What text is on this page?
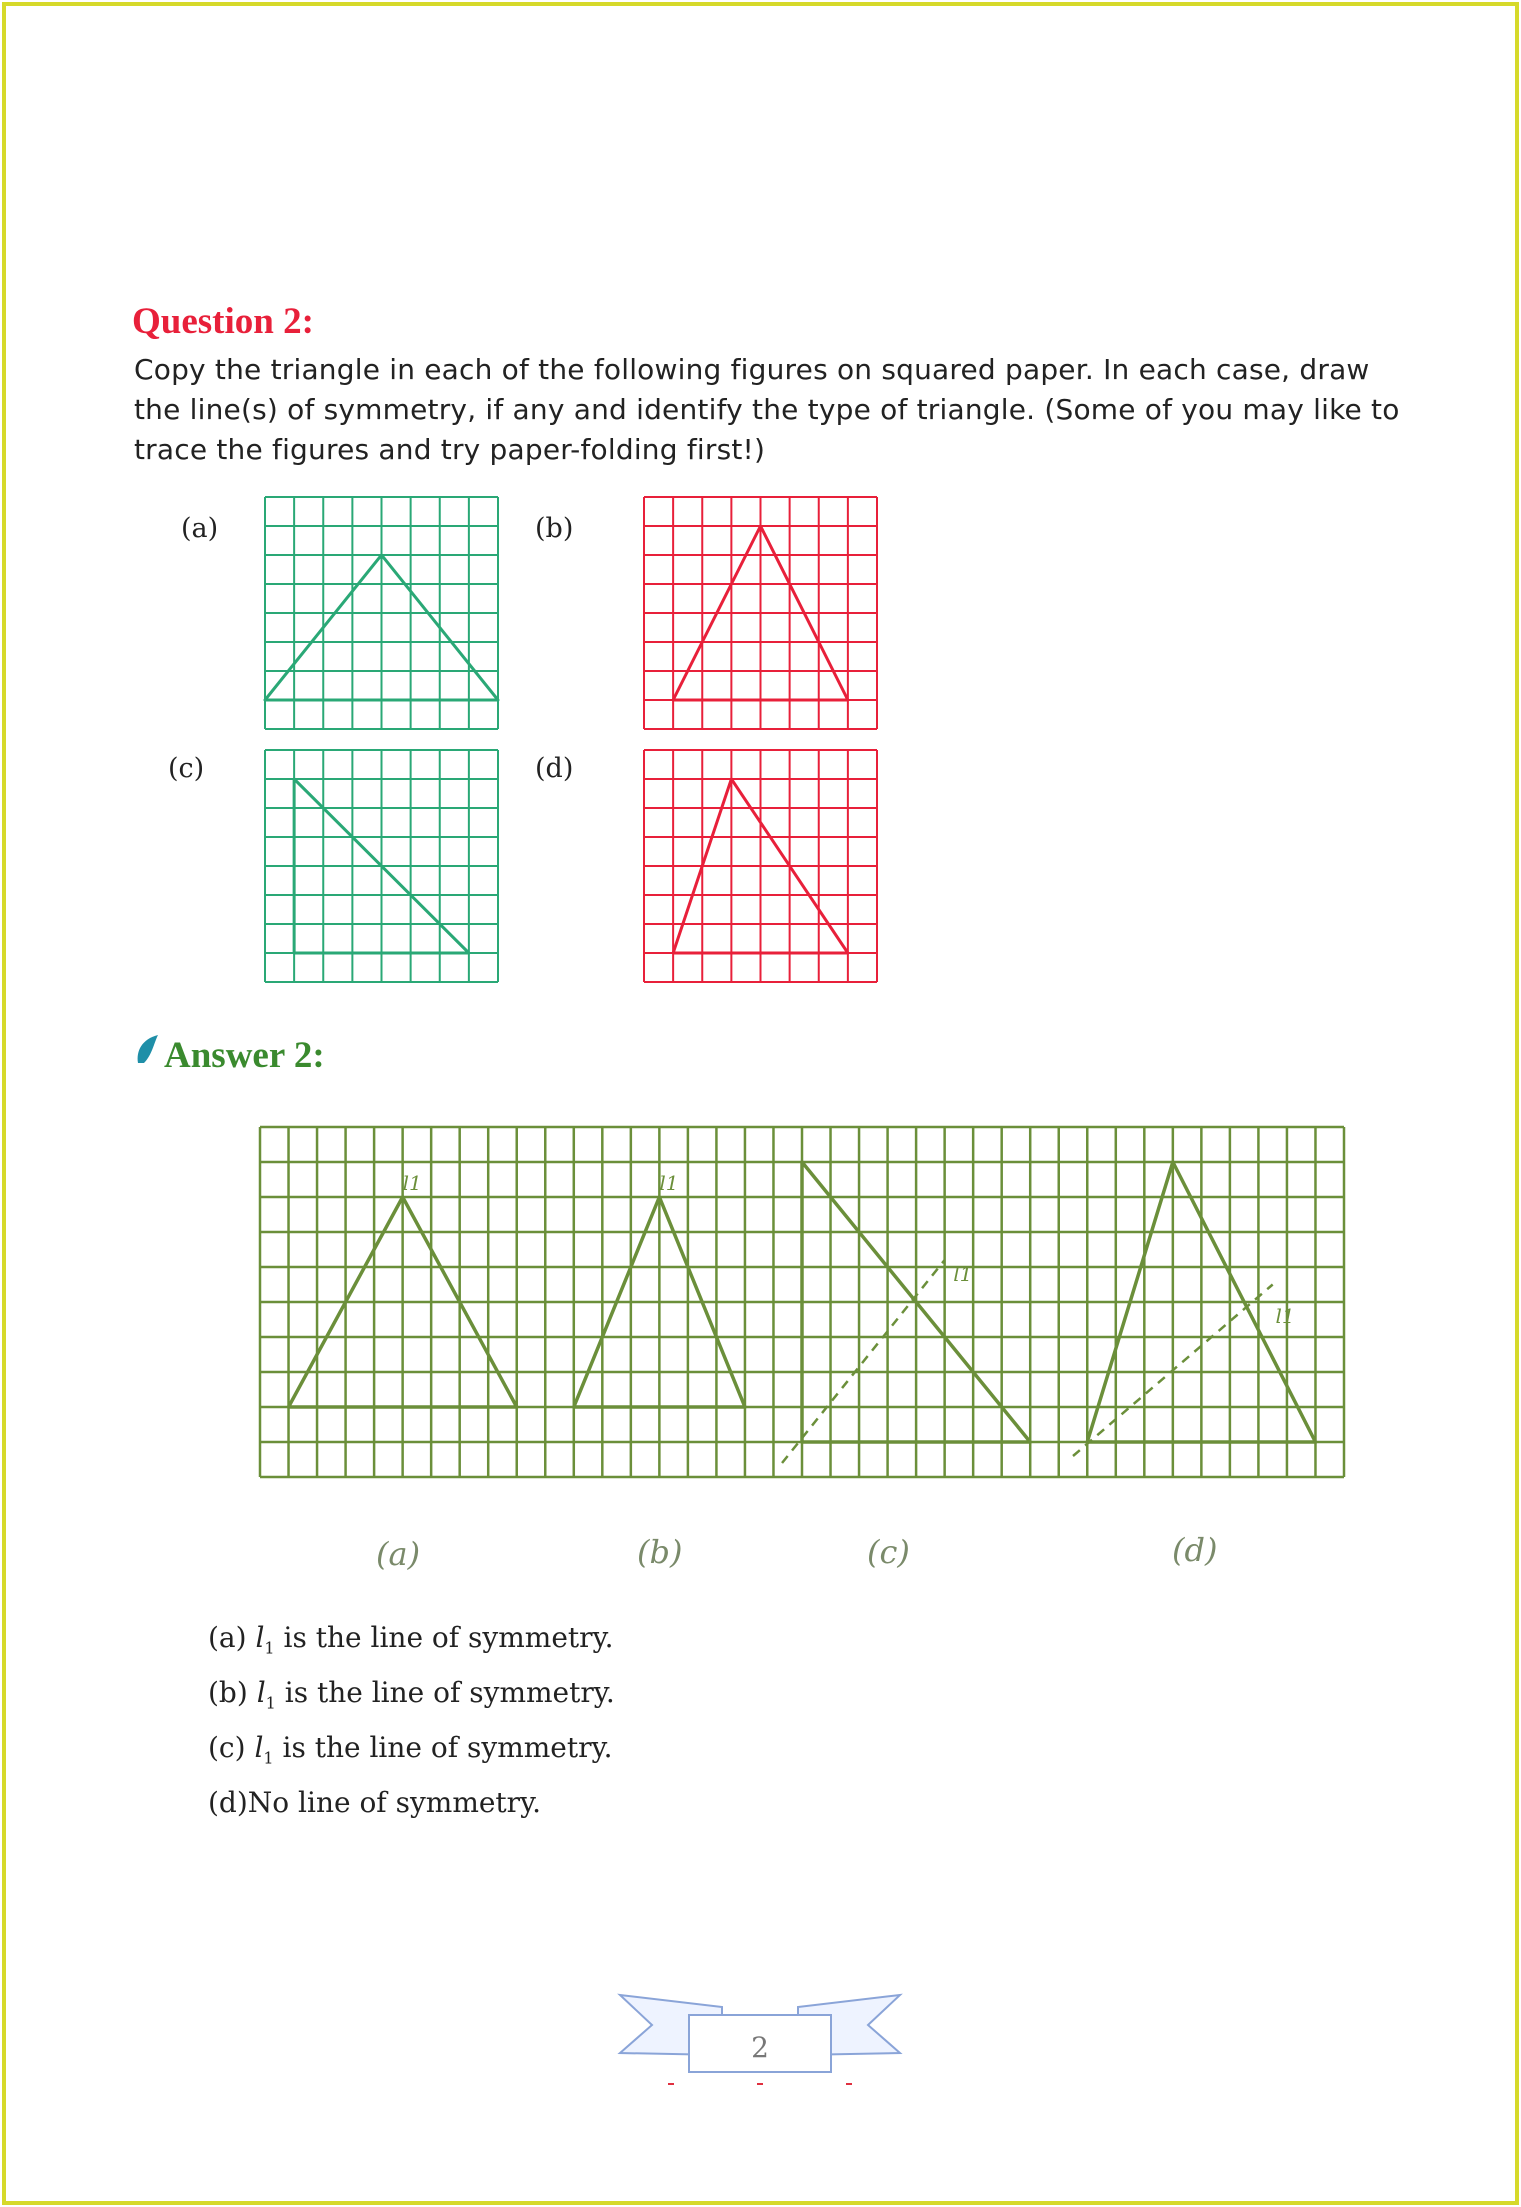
Question 2:
Copy the triangle in each of the following figures on squared paper. In each case, draw the line(s) of symmetry, if any and identify the type of triangle. (Some of you may like to trace the figures and try paper-folding first!)
(a)	(b)
(c)	(d)
Answer 2:
l1	l1
l1
l1
(a)	(b)	(c)	(d)
(a) $l_1$ is the line of symmetry.
(b) $l_1$ is the line of symmetry.
(c) $l_1$ is the line of symmetry.
(d)No line of symmetry.
2
